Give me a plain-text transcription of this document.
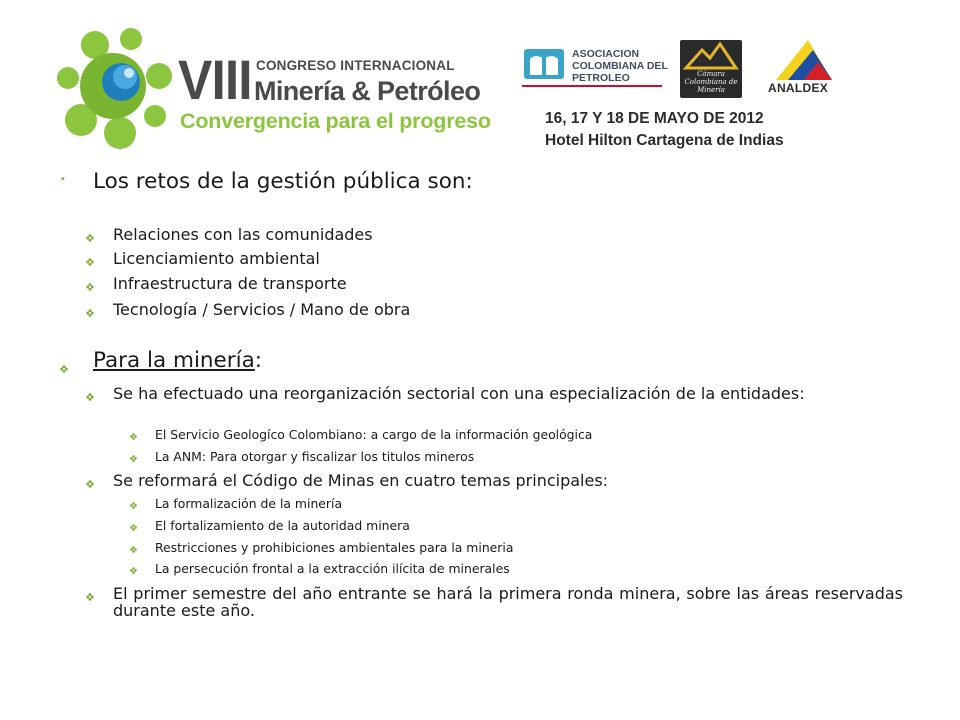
VIII CONGRESO INTERNACIONAL
Minería & Petróleo
Convergencia para el progreso
ASOCIACION COLOMBIANA DEL PETROLEO	Cámara Colombiana de Minería	ANALDEX
16, 17 Y 18 DE MAYO DE 2012
Hotel Hilton Cartagena de Indias
• Los retos de la gestión pública son:
Relaciones con las comunidades
Licenciamiento ambiental
Infraestructura de transporte
Tecnología / Servicios / Mano de obra
Para la minería:
Se ha efectuado una reorganización sectorial con una especialización de la entidades:
El Servicio Geologíco Colombiano: a cargo de la información geológica
La ANM: Para otorgar y fiscalizar los titulos mineros
Se reformará el Código de Minas en cuatro temas principales:
La formalización de la minería
El fortalizamiento de la autoridad minera
Restricciones y prohibiciones ambientales para la mineria
La persecución frontal a la extracción ilícita de minerales
El primer semestre del año entrante se hará la primera ronda minera, sobre las áreas reservadas durante este año.
